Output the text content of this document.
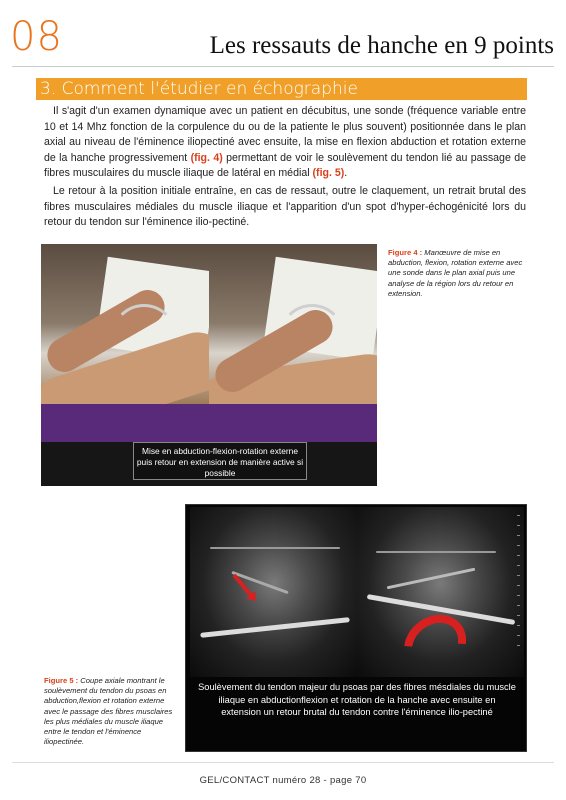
08	Les ressauts de hanche en 9 points
3. Comment l'étudier en échographie
Il s'agit d'un examen dynamique avec un patient en décubitus, une sonde (fréquence variable entre 10 et 14 Mhz fonction de la corpulence du ou de la patiente le plus souvent) positionnée dans le plan axial au niveau de l'éminence iliopectiné avec ensuite, la mise en flexion abduction et rotation externe de la hanche progressivement (fig. 4) permettant de voir le soulèvement du tendon lié au passage de fibres musculaires du muscle iliaque de latéral en médial (fig. 5).
Le retour à la position initiale entraîne, en cas de ressaut, outre le claquement, un retrait brutal des fibres musculaires médiales du muscle iliaque et l'apparition d'un spot d'hyper-échogénicité lors du retour du tendon sur l'éminence ilio-pectiné.
Mise en abduction-flexion-rotation externe puis retour en extension de manière active si possible
Figure 4 : Manœuvre de mise en abduction, flexion, rotation externe avec une sonde dans le plan axial puis une analyse de la région lors du retour en extension.
Soulèvement du tendon majeur du psoas par des fibres mésdiales du muscle iliaque en abductionflexion et rotation de la hanche avec ensuite en extension un retour brutal du tendon contre l'éminence ilio-pectiné
Figure 5 : Coupe axiale montrant le soulèvement du tendon du psoas en abduction,flexion et rotation externe avec le passage des fibres musclaires les plus médiales du muscle iliaque entre le tendon et l'éminence iliopectinée.
GEL/CONTACT numéro 28 - page 70
